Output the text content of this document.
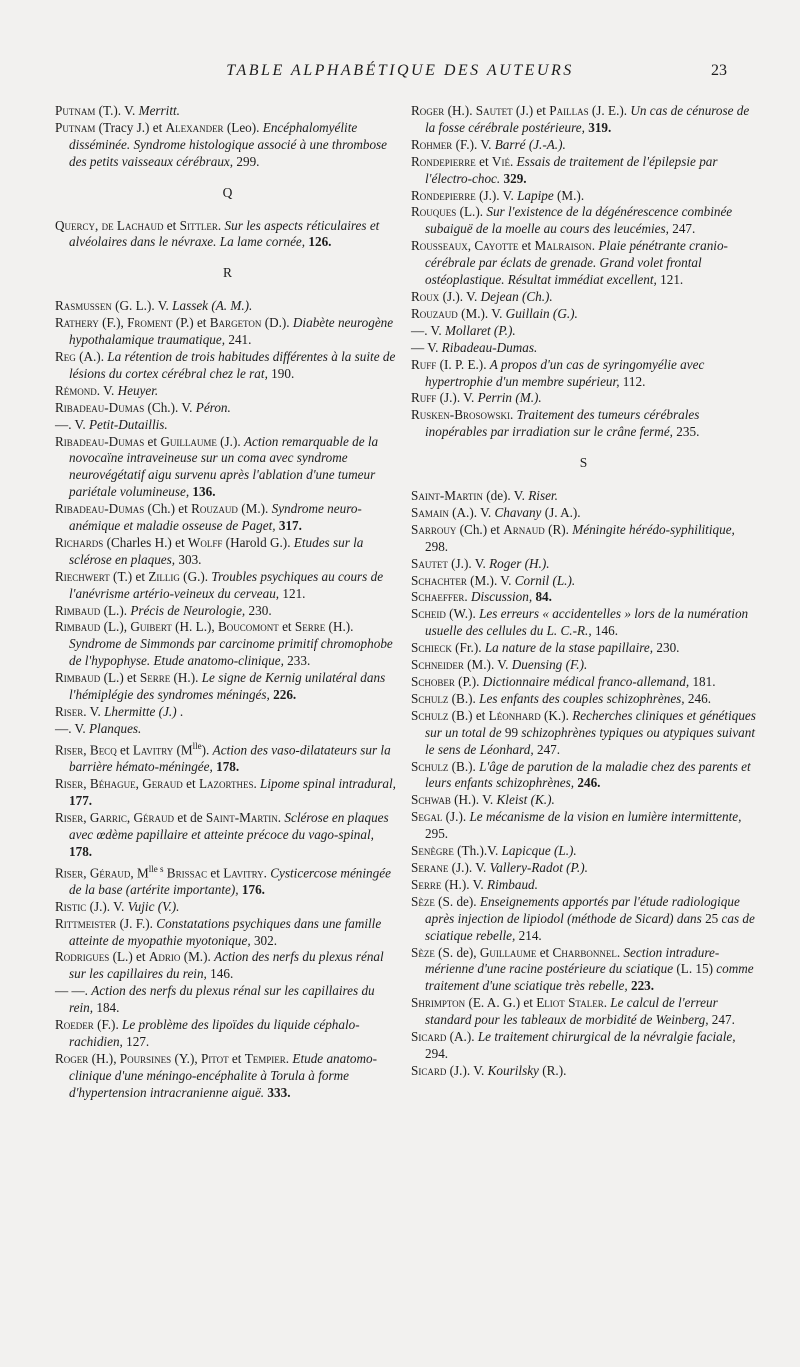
TABLE ALPHABÉTIQUE DES AUTEURS	23

Putnam (T.). V. Merritt.

Putnam (Tracy J.) et Alexander (Leo). Encéphalomyélite disséminée. Syndrome histologique associé à une thrombose des petits vaisseaux cérébraux, 299.

Q

Quercy, de Lachaud et Sittler. Sur les aspects réticulaires et alvéolaires dans le névraxe. La lame cornée, 126.

R

Rasmussen (G. L.). V. Lassek (A. M.).

Rathery (F.), Froment (P.) et Bargeton (D.). Diabète neurogène hypothalamique traumatique, 241.

Reg (A.). La rétention de trois habitudes différentes à la suite de lésions du cortex cérébral chez le rat, 190.

Rémond. V. Heuyer.

Ribadeau-Dumas (Ch.). V. Péron.

—. V. Petit-Dutaillis.

Ribadeau-Dumas et Guillaume (J.). Action remarquable de la novocaïne intraveineuse sur un coma avec syndrome neurovégétatif aigu survenu après l'ablation d'une tumeur pariétale volumineuse, 136.

Ribadeau-Dumas (Ch.) et Rouzaud (M.). Syndrome neuro-anémique et maladie osseuse de Paget, 317.

Richards (Charles H.) et Wolff (Harold G.). Etudes sur la sclérose en plaques, 303.

Riechwert (T.) et Zillig (G.). Troubles psychiques au cours de l'anévrisme artério-veineux du cerveau, 121.

Rimbaud (L.). Précis de Neurologie, 230.

Rimbaud (L.), Guibert (H. L.), Boucomont et Serre (H.). Syndrome de Simmonds par carcinome primitif chromophobe de l'hypophyse. Etude anatomo-clinique, 233.

Rimbaud (L.) et Serre (H.). Le signe de Kernig unilatéral dans l'hémiplégie des syndromes méningés, 226.

Riser. V. Lhermitte (J.) .

—. V. Planques.

Riser, Becq et Lavitry $(M^{lle})$. Action des vaso-dilatateurs sur la barrière hémato-méningée, 178.

Riser, Béhague, Geraud et Lazorthes. Lipome spinal intradural, 177.

Riser, Garric, Géraud et de Saint-Martin. Sclérose en plaques avec œdème papillaire et atteinte précoce du vago-spinal, 178.

Riser, Géraud, $M^{lle s}$ Brissac et Lavitry. Cysticercose méningée de la base (artérite importante), 176.

Ristic (J.). V. Vujic (V.).

Rittmeister (J. F.). Constatations psychiques dans une famille atteinte de myopathie myotonique, 302.

Rodrigues (L.) et Adrio (M.). Action des nerfs du plexus rénal sur les capillaires du rein, 146.

— —. Action des nerfs du plexus rénal sur les capillaires du rein, 184.

Roeder (F.). Le problème des lipoïdes du liquide céphalo-rachidien, 127.

Roger (H.), Poursines (Y.), Pitot et Tempier. Etude anatomo-clinique d'une méningo-encéphalite à Torula à forme d'hypertension intracranienne aiguë. 333.

Roger (H.). Sautet (J.) et Paillas (J. E.). Un cas de cénurose de la fosse cérébrale postérieure, 319.

Rohmer (F.). V. Barré (J.-A.).

Rondepierre et Vié. Essais de traitement de l'épilepsie par l'électro-choc. 329.

Rondepierre (J.). V. Lapipe (M.).

Rouques (L.). Sur l'existence de la dégénérescence combinée subaiguë de la moelle au cours des leucémies, 247.

Rousseaux, Cayotte et Malraison. Plaie pénétrante cranio-cérébrale par éclats de grenade. Grand volet frontal ostéoplastique. Résultat immédiat excellent, 121.

Roux (J.). V. Dejean (Ch.).

Rouzaud (M.). V. Guillain (G.).

—. V. Mollaret (P.).

— V. Ribadeau-Dumas.

Ruff (I. P. E.). A propos d'un cas de syringomyélie avec hypertrophie d'un membre supérieur, 112.

Ruff (J.). V. Perrin (M.).

Rusken-Brosowski. Traitement des tumeurs cérébrales inopérables par irradiation sur le crâne fermé, 235.

S

Saint-Martin (de). V. Riser.

Samain (A.). V. Chavany (J. A.).

Sarrouy (Ch.) et Arnaud (R). Méningite hérédo-syphilitique, 298.

Sautet (J.). V. Roger (H.).

Schachter (M.). V. Cornil (L.).

Schaeffer. Discussion, 84.

Scheid (W.). Les erreurs « accidentelles » lors de la numération usuelle des cellules du L. C.-R., 146.

Schieck (Fr.). La nature de la stase papillaire, 230.

Schneider (M.). V. Duensing (F.).

Schober (P.). Dictionnaire médical franco-allemand, 181.

Schulz (B.). Les enfants des couples schizophrènes, 246.

Schulz (B.) et Léonhard (K.). Recherches cliniques et génétiques sur un total de 99 schizophrènes typiques ou atypiques suivant le sens de Léonhard, 247.

Schulz (B.). L'âge de parution de la maladie chez des parents et leurs enfants schizophrènes, 246.

Schwab (H.). V. Kleist (K.).

Segal (J.). Le mécanisme de la vision en lumière intermittente, 295.

Senègre (Th.).V. Lapicque (L.).

Serane (J.). V. Vallery-Radot (P.).

Serre (H.). V. Rimbaud.

Sèze (S. de). Enseignements apportés par l'étude radiologique après injection de lipiodol (méthode de Sicard) dans 25 cas de sciatique rebelle, 214.

Sèze (S. de), Guillaume et Charbonnel. Section intradure-mérienne d'une racine postérieure du sciatique (L. 15) comme traitement d'une sciatique très rebelle, 223.

Shrimpton (E. A. G.) et Eliot Staler. Le calcul de l'erreur standard pour les tableaux de morbidité de Weinberg, 247.

Sicard (A.). Le traitement chirurgical de la névralgie faciale, 294.

Sicard (J.). V. Kourilsky (R.).
